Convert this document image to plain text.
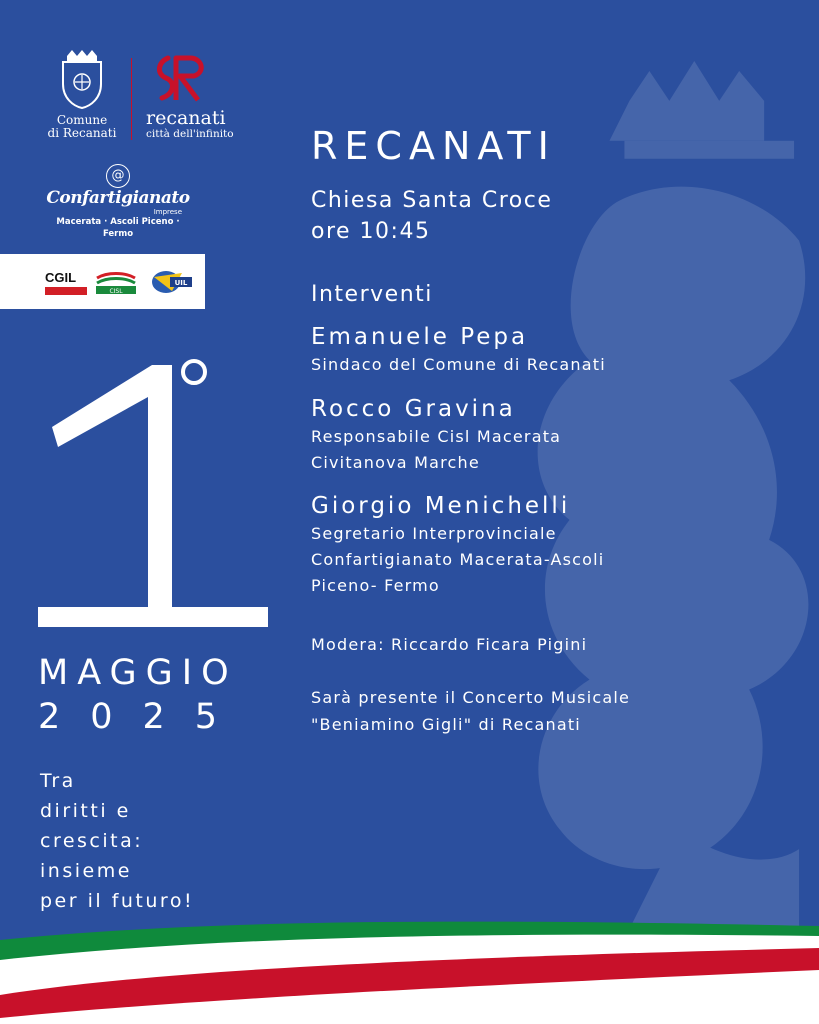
Comune
di Recanati
recanati
città dell'infinito
@
Confartigianato
Imprese
Macerata · Ascoli Piceno · Fermo
CGIL
CISL
UIL
1
°
MAGGIO
2025
Tra
diritti e
crescita:
insieme
per il futuro!
RECANATI
Chiesa Santa Croce
ore 10:45
Interventi
Emanuele Pepa
Sindaco del Comune di Recanati
Rocco Gravina
Responsabile Cisl Macerata
Civitanova Marche
Giorgio Menichelli
Segretario Interprovinciale
Confartigianato Macerata-Ascoli
Piceno- Fermo
Modera: Riccardo Ficara Pigini
Sarà presente il Concerto Musicale
"Beniamino Gigli" di Recanati
